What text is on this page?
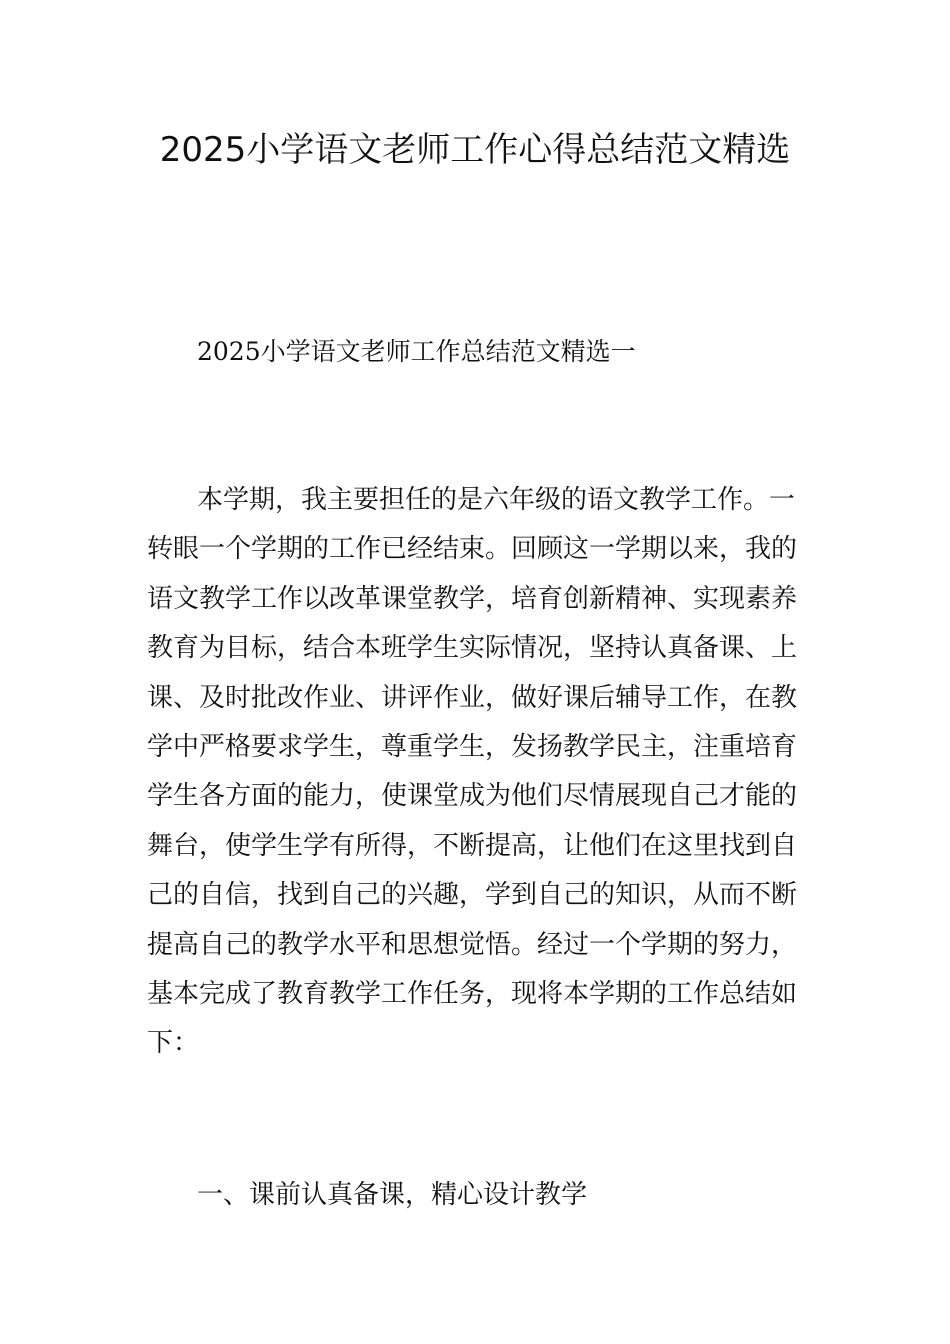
2025小学语文老师工作心得总结范文精选
2025小学语文老师工作总结范文精选一
本学期，我主要担任的是六年级的语文教学工作。一
转眼一个学期的工作已经结束。回顾这一学期以来，我的
语文教学工作以改革课堂教学，培育创新精神、实现素养
教育为目标，结合本班学生实际情况，坚持认真备课、上
课、及时批改作业、讲评作业，做好课后辅导工作，在教
学中严格要求学生，尊重学生，发扬教学民主，注重培育
学生各方面的能力，使课堂成为他们尽情展现自己才能的
舞台，使学生学有所得，不断提高，让他们在这里找到自
己的自信，找到自己的兴趣，学到自己的知识，从而不断
提高自己的教学水平和思想觉悟。经过一个学期的努力，
基本完成了教育教学工作任务，现将本学期的工作总结如
下：
一、课前认真备课，精心设计教学
